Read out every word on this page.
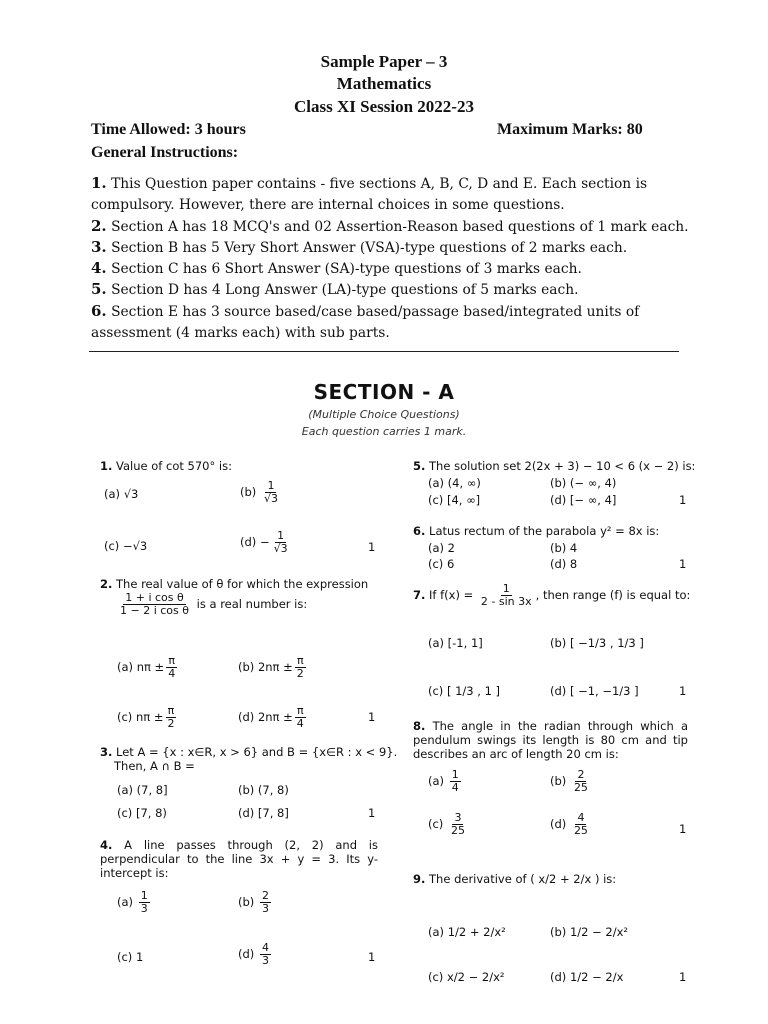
Sample Paper – 3
Mathematics
Class XI Session 2022-23
Time Allowed: 3 hours	Maximum Marks: 80
General Instructions:
1. This Question paper contains - five sections A, B, C, D and E. Each section is compulsory. However, there are internal choices in some questions.
2. Section A has 18 MCQ's and 02 Assertion-Reason based questions of 1 mark each.
3. Section B has 5 Very Short Answer (VSA)-type questions of 2 marks each.
4. Section C has 6 Short Answer (SA)-type questions of 3 marks each.
5. Section D has 4 Long Answer (LA)-type questions of 5 marks each.
6. Section E has 3 source based/case based/passage based/integrated units of assessment (4 marks each) with sub parts.
SECTION - A
(Multiple Choice Questions)
Each question carries 1 mark.
1. Value of cot 570° is:
(a) √3	$(b) \frac{1}{√3}$
(c) −√3	$(d) - \frac{1}{√3}$	1
2. The real value of θ for which the expression
$\frac{\text{1 + i cos θ}}{\text{1 − 2 i cos θ}}$ is a real number is:
(a) $n\pi \pm \frac{\pi}{4}$	(b) $2n\pi \pm \frac{\pi}{2}$
(c) $n\pi \pm \frac{\pi}{2}$	(d) $2n\pi \pm \frac{\pi}{4}$	1
3. Let A = {x : x∈R, x > 6} and B = {x∈R : x < 9}.
Then, A ∩ B =
(a) (7, 8]	(b) (7, 8)
(c) [7, 8)	(d) [7, 8]	1
4. A line passes through (2, 2) and is perpendicular to the line 3x + y = 3. Its y-intercept is:
$(a) \frac{1}{3}$	$(b) \frac{2}{3}$
(c) 1	$(d) \frac{4}{3}$	1
5. The solution set 2(2x + 3) − 10 < 6 (x − 2) is:
(a) (4, ∞)	(b) (− ∞, 4)
(c) [4, ∞]	(d) [− ∞, 4]	1
6. Latus rectum of the parabola y² = 8x is:
(a) 2	(b) 4
(c) 6	(d) 8	1
7. If $f(x) = \frac{1}{2 - \sin 3x}$ , then range (f) is equal to:
(a) [-1, 1]	(b) [ −1/3 , 1/3 ]
(c) [ 1/3 , 1 ]	(d) [ −1, −1/3 ]	1
8. The angle in the radian through which a pendulum swings its length is 80 cm and tip describes an arc of length 20 cm is:
$(a) \frac{1}{4}$	$(b) \frac{2}{25}$
$(c) \frac{3}{25}$	$(d) \frac{4}{25}$	1
9. The derivative of ( x/2 + 2/x ) is:
(a) 1/2 + 2/x²	(b) 1/2 − 2/x²
(c) x/2 − 2/x²	(d) 1/2 − 2/x	1
